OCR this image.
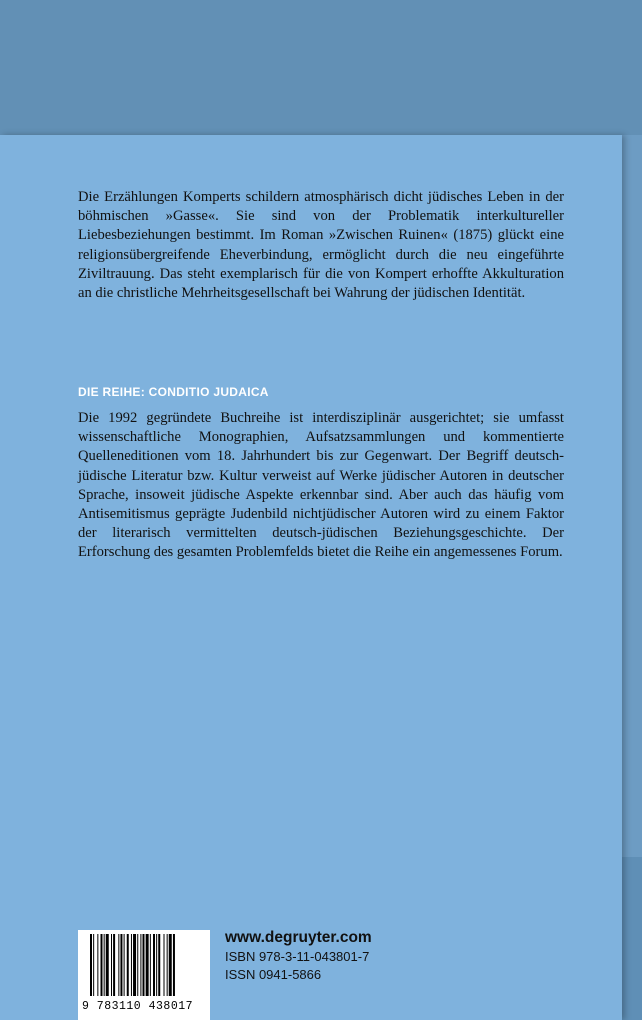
Die Erzählungen Komperts schildern atmosphärisch dicht jüdisches Leben in der böhmischen »Gasse«. Sie sind von der Problematik interkultureller Liebesbeziehungen bestimmt. Im Roman »Zwischen Ruinen« (1875) glückt eine religionsübergreifende Eheverbindung, ermöglicht durch die neu eingeführte Ziviltrauung. Das steht exemplarisch für die von Kompert erhoffte Akkulturation an die christliche Mehrheitsgesellschaft bei Wahrung der jüdischen Identität.

DIE REIHE: CONDITIO JUDAICA

Die 1992 gegründete Buchreihe ist interdisziplinär ausgerichtet; sie umfasst wissenschaftliche Monographien, Aufsatzsammlungen und kommentierte Quelleneditionen vom 18. Jahrhundert bis zur Gegenwart. Der Begriff deutsch-jüdische Literatur bzw. Kultur verweist auf Werke jüdischer Autoren in deutscher Sprache, insoweit jüdische Aspekte erkennbar sind. Aber auch das häufig vom Antisemitismus geprägte Judenbild nichtjüdischer Autoren wird zu einem Faktor der literarisch vermittelten deutsch-jüdischen Beziehungsgeschichte. Der Erforschung des gesamten Problemfelds bietet die Reihe ein angemessenes Forum.

9 783110 438017
www.degruyter.com
ISBN 978-3-11-043801-7
ISSN 0941-5866
